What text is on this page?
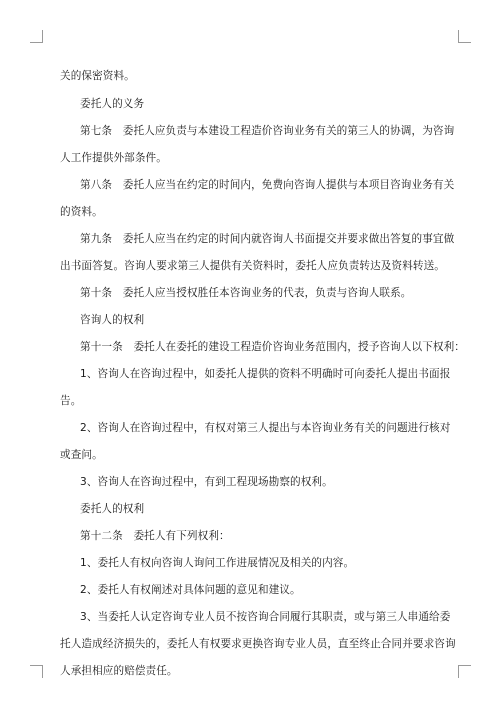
关的保密资料。
委托人的义务
第七条　委托人应负责与本建设工程造价咨询业务有关的第三人的协调，为咨询
人工作提供外部条件。
第八条　委托人应当在约定的时间内，免费向咨询人提供与本项目咨询业务有关
的资料。
第九条　委托人应当在约定的时间内就咨询人书面提交并要求做出答复的事宜做
出书面答复。咨询人要求第三人提供有关资料时，委托人应负责转达及资料转送。
第十条　委托人应当授权胜任本咨询业务的代表，负责与咨询人联系。
咨询人的权利
第十一条　委托人在委托的建设工程造价咨询业务范围内，授予咨询人以下权利：
1、咨询人在咨询过程中，如委托人提供的资料不明确时可向委托人提出书面报
告。
2、咨询人在咨询过程中，有权对第三人提出与本咨询业务有关的问题进行核对
或查问。
3、咨询人在咨询过程中，有到工程现场勘察的权利。
委托人的权利
第十二条　委托人有下列权利：
1、委托人有权向咨询人询问工作进展情况及相关的内容。
2、委托人有权阐述对具体问题的意见和建议。
3、当委托人认定咨询专业人员不按咨询合同履行其职责，或与第三人串通给委
托人造成经济损失的，委托人有权要求更换咨询专业人员，直至终止合同并要求咨询
人承担相应的赔偿责任。
